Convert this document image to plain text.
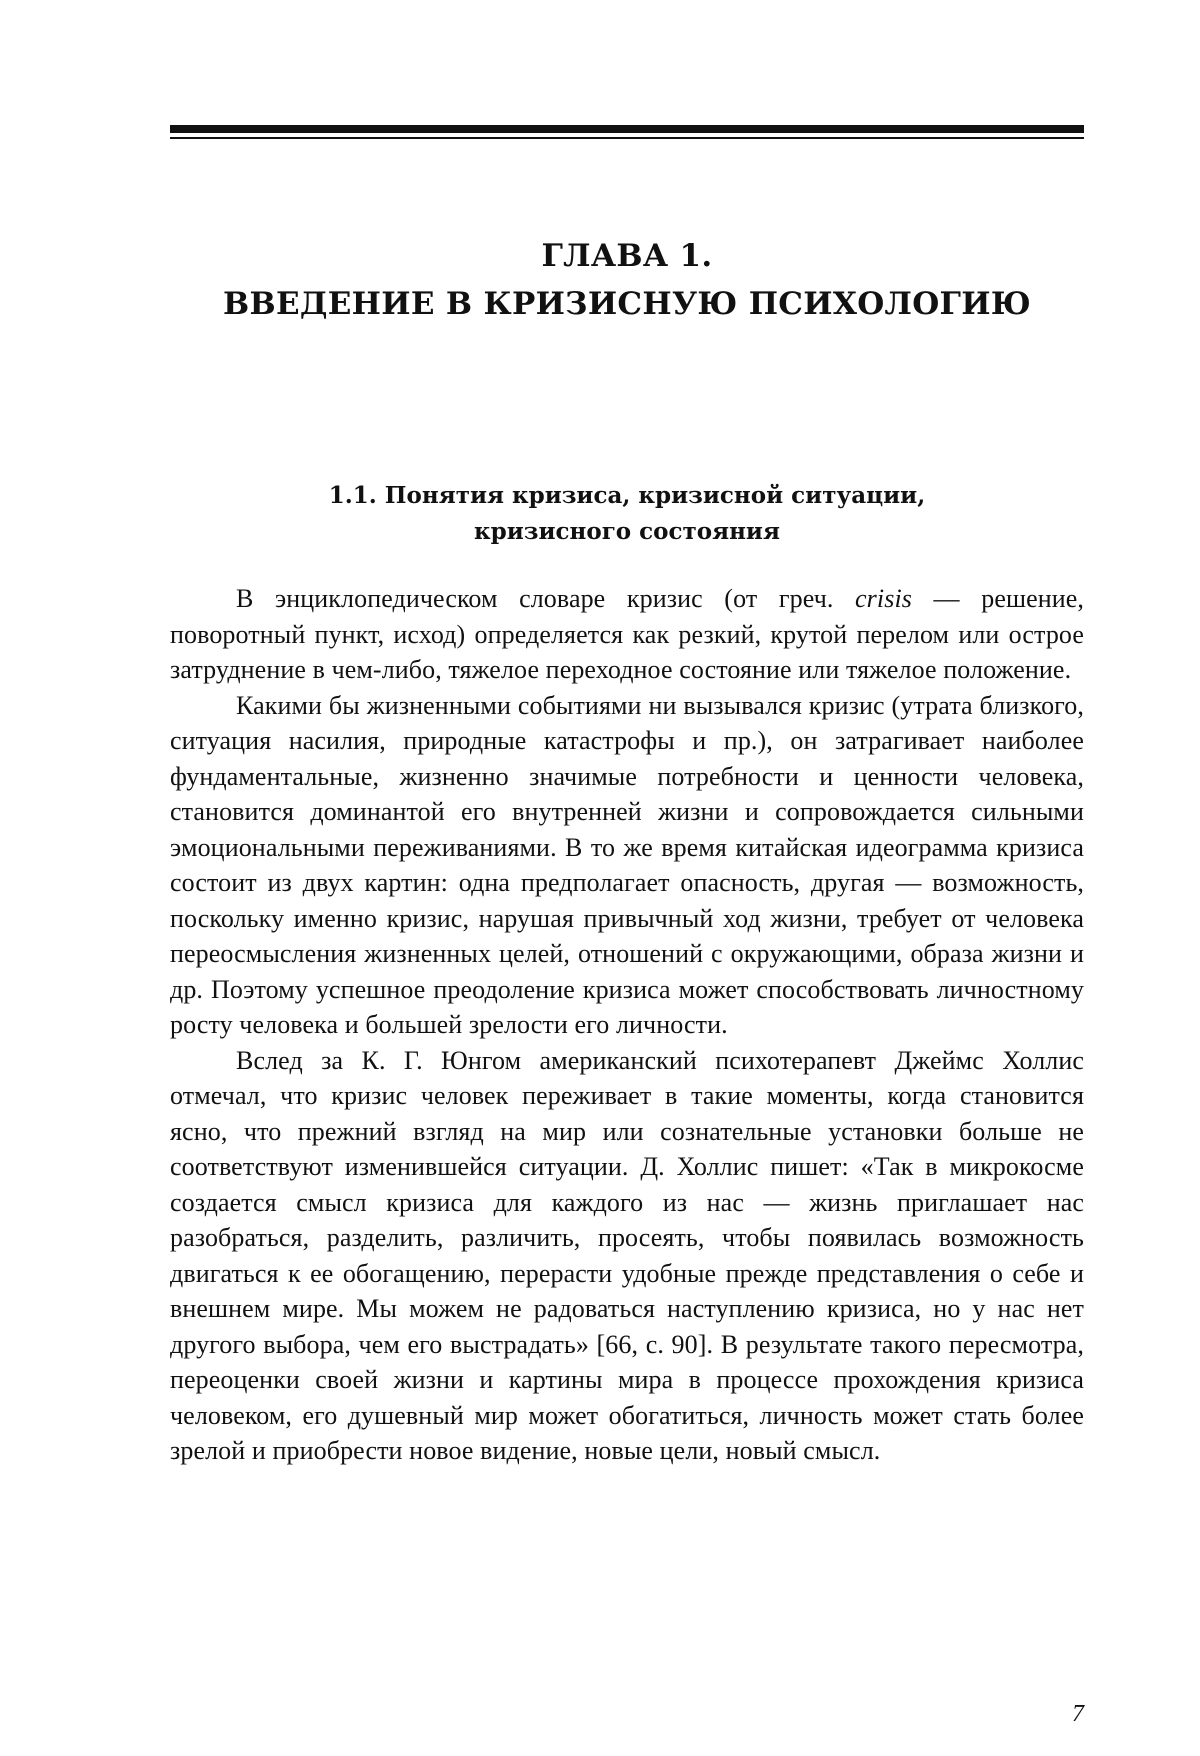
ГЛАВА 1.
ВВЕДЕНИЕ В КРИЗИСНУЮ ПСИХОЛОГИЮ
1.1. Понятия кризиса, кризисной ситуации,
кризисного состояния

В энциклопедическом словаре кризис (от греч. crisis — решение, поворотный пункт, исход) определяется как резкий, крутой перелом или острое затруднение в чем-либо, тяжелое переходное состояние или тяжелое положение.

Какими бы жизненными событиями ни вызывался кризис (утрата близкого, ситуация насилия, природные катастрофы и пр.), он затрагивает наиболее фундаментальные, жизненно значимые потребности и ценности человека, становится доминантой его внутренней жизни и сопровождается сильными эмоциональными переживаниями. В то же время китайская идеограмма кризиса состоит из двух картин: одна предполагает опасность, другая — возможность, поскольку именно кризис, нарушая привычный ход жизни, требует от человека переосмысления жизненных целей, отношений с окружающими, образа жизни и др. Поэтому успешное преодоление кризиса может способствовать личностному росту человека и большей зрелости его личности.

Вслед за К. Г. Юнгом американский психотерапевт Джеймс Холлис отмечал, что кризис человек переживает в такие моменты, когда становится ясно, что прежний взгляд на мир или сознательные установки больше не соответствуют изменившейся ситуации. Д. Холлис пишет: «Так в микрокосме создается смысл кризиса для каждого из нас — жизнь приглашает нас разобраться, разделить, различить, просеять, чтобы появилась возможность двигаться к ее обогащению, перерасти удобные прежде представления о себе и внешнем мире. Мы можем не радоваться наступлению кризиса, но у нас нет другого выбора, чем его выстрадать» [66, с. 90]. В результате такого пересмотра, переоценки своей жизни и картины мира в процессе прохождения кризиса человеком, его душевный мир может обогатиться, личность может стать более зрелой и приобрести новое видение, новые цели, новый смысл.

7
